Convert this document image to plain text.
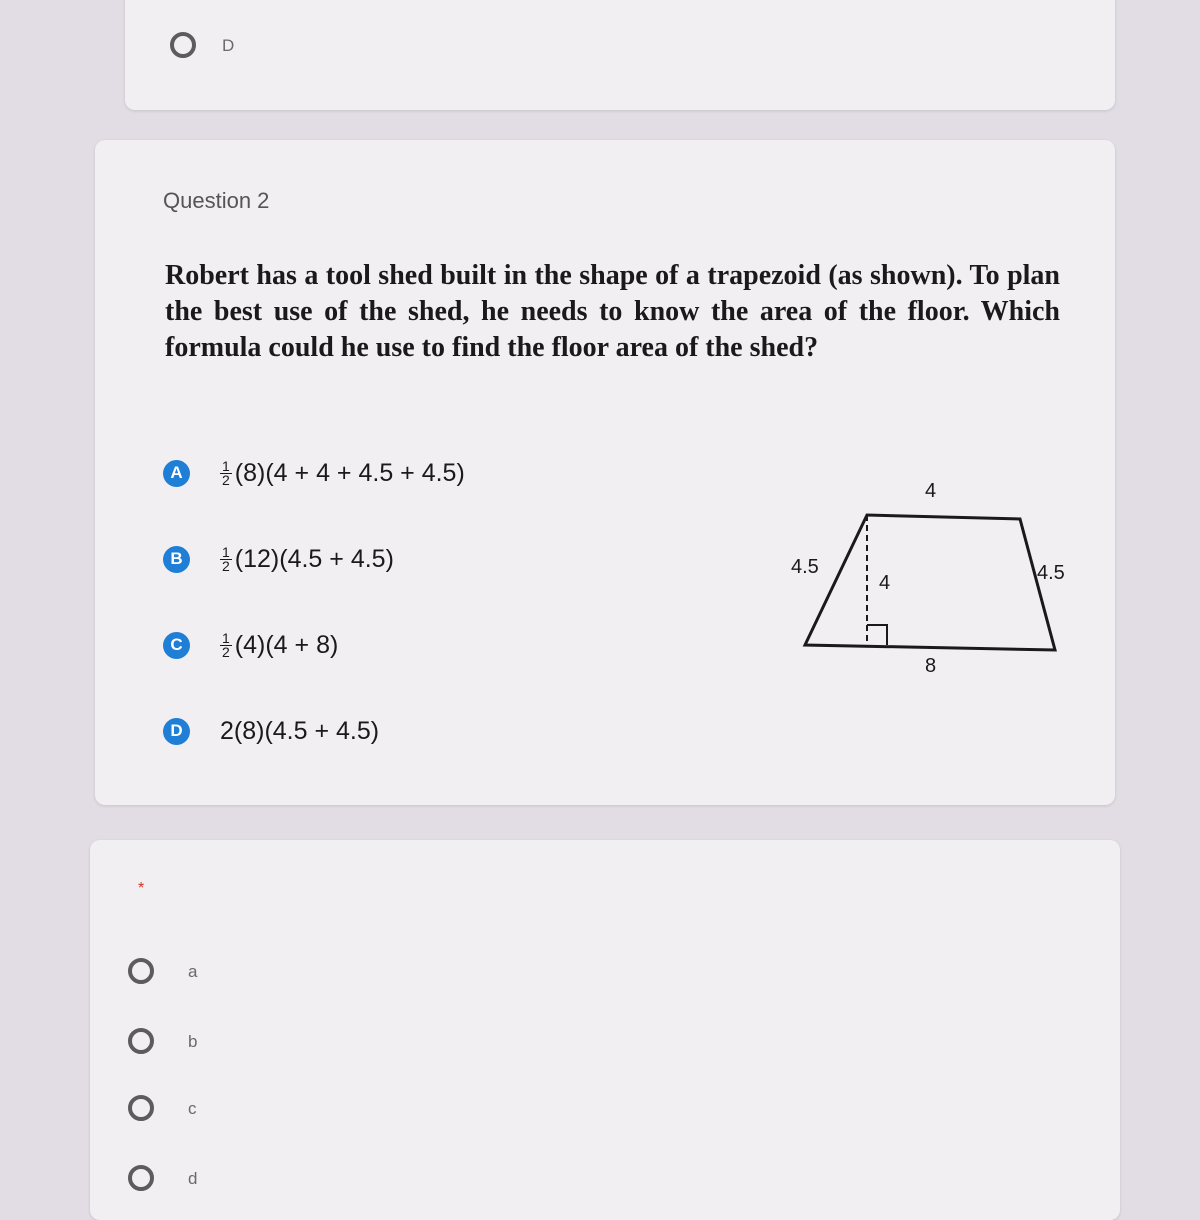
D
Question 2
Robert has a tool shed built in the shape of a trapezoid (as shown). To plan the best use of the shed, he needs to know the area of the floor. Which formula could he use to find the floor area of the shed?
A	$\frac{1}{2} (8)(4 + 4 + 4.5 + 4.5)$
B	$\frac{1}{2} (12)(4.5 + 4.5)$
C	$\frac{1}{2} (4)(4 + 8)$
D 2(8)(4.5 + 4.5)
4
8
4.5	4.5
4
*
a
b
c
d
